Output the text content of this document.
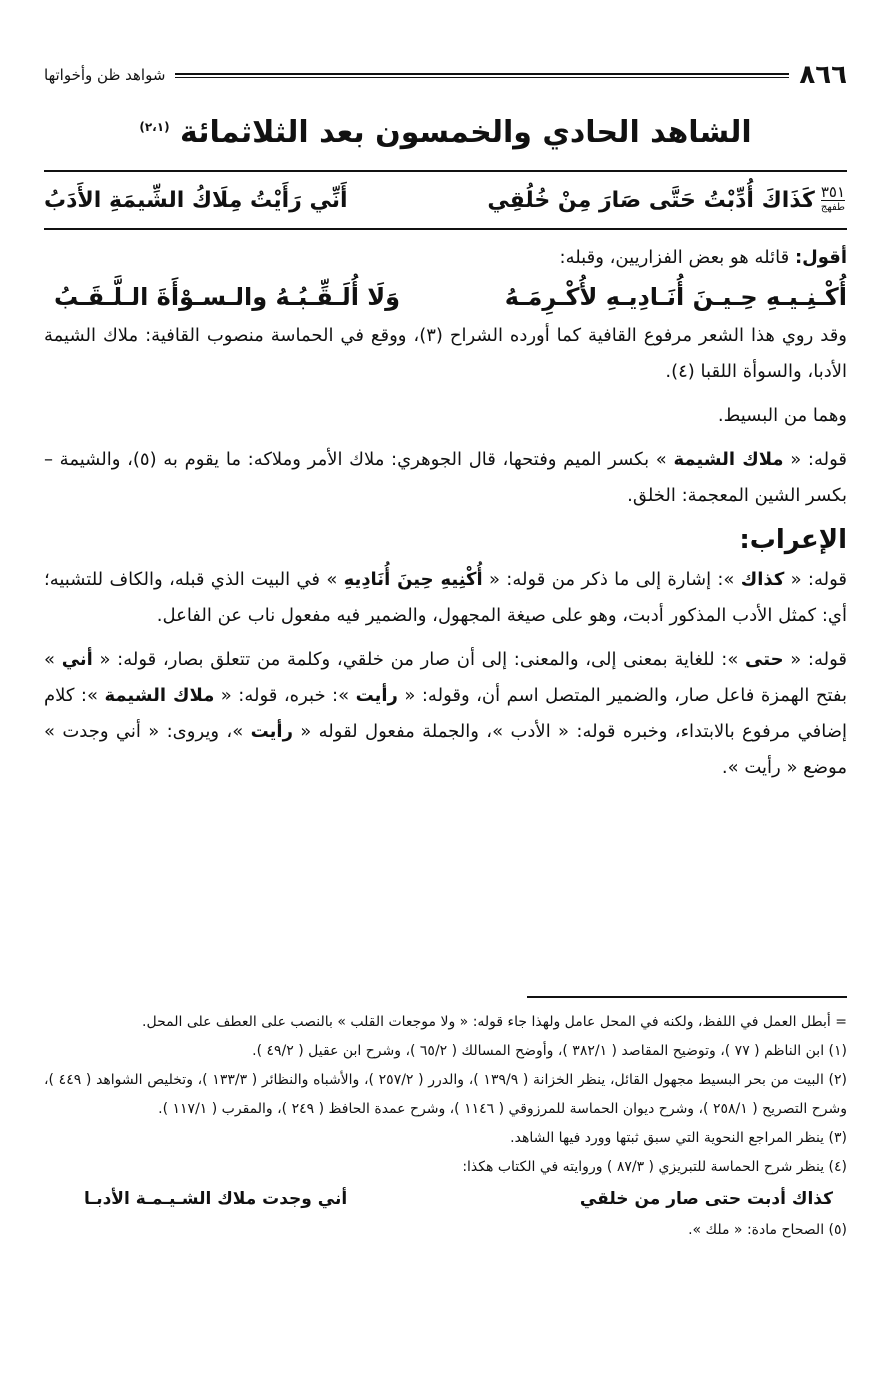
٨٦٦
شواهد ظن وأخواتها
الشاهد الحادي والخمسون بعد الثلاثمائة $^{(٢،١)}$
٣٥١
طفهج
كَذَاكَ أُدِّبْتُ حَتَّى صَارَ مِنْ خُلُقِي
أَنِّي رَأَيْتُ مِلَاكُ الشِّيمَةِ الأَدَبُ

أقول: قائله هو بعض الفزاريين، وقبله:

أُكْـنِـيـهِ حِـيـنَ أُنَـادِيـهِ لأُكْـرِمَـهُ
وَلَا أُلَـقِّـبُـهُ والـسـوْأَةَ الـلَّـقَـبُ

وقد روي هذا الشعر مرفوع القافية كما أورده الشراح (٣)، ووقع في الحماسة منصوب القافية: ملاك الشيمة الأدبا، والسوأة اللقبا (٤).

وهما من البسيط.

قوله: « ملاك الشيمة » بكسر الميم وفتحها، قال الجوهري: ملاك الأمر وملاكه: ما يقوم به (٥)، والشيمة – بكسر الشين المعجمة: الخلق.

الإعراب:

قوله: « كذاك »: إشارة إلى ما ذكر من قوله: « أُكْنِيهِ حِينَ أُنَادِيهِ » في البيت الذي قبله، والكاف للتشبيه؛ أي: كمثل الأدب المذكور أدبت، وهو على صيغة المجهول، والضمير فيه مفعول ناب عن الفاعل.

قوله: « حتى »: للغاية بمعنى إلى، والمعنى: إلى أن صار من خلقي، وكلمة من تتعلق بصار، قوله: « أني » بفتح الهمزة فاعل صار، والضمير المتصل اسم أن، وقوله: « رأيت »: خبره، قوله: « ملاك الشيمة »: كلام إضافي مرفوع بالابتداء، وخبره قوله: « الأدب »، والجملة مفعول لقوله « رأيت »، ويروى: « أني وجدت » موضع « رأيت ».

= أبطل العمل في اللفظ، ولكنه في المحل عامل ولهذا جاء قوله: « ولا موجعات القلب » بالنصب على العطف على المحل.

(١) ابن الناظم ( ٧٧ )، وتوضيح المقاصد ( ٣٨٢/١ )، وأوضح المسالك ( ٦٥/٢ )، وشرح ابن عقيل ( ٤٩/٢ ).

(٢) البيت من بحر البسيط مجهول القائل، ينظر الخزانة ( ١٣٩/٩ )، والدرر ( ٢٥٧/٢ )، والأشباه والنظائر ( ١٣٣/٣ )، وتخليص الشواهد ( ٤٤٩ )، وشرح التصريح ( ٢٥٨/١ )، وشرح ديوان الحماسة للمرزوقي ( ١١٤٦ )، وشرح عمدة الحافظ ( ٢٤٩ )، والمقرب ( ١١٧/١ ).

(٣) ينظر المراجع النحوية التي سبق ثبتها وورد فيها الشاهد.

(٤) ينظر شرح الحماسة للتبريزي ( ٨٧/٣ ) وروايته في الكتاب هكذا:

كذاك أدبت حتى صار من خلقي
أني وجدت ملاك الشـيـمـة الأدبـا

(٥) الصحاح مادة: « ملك ».
